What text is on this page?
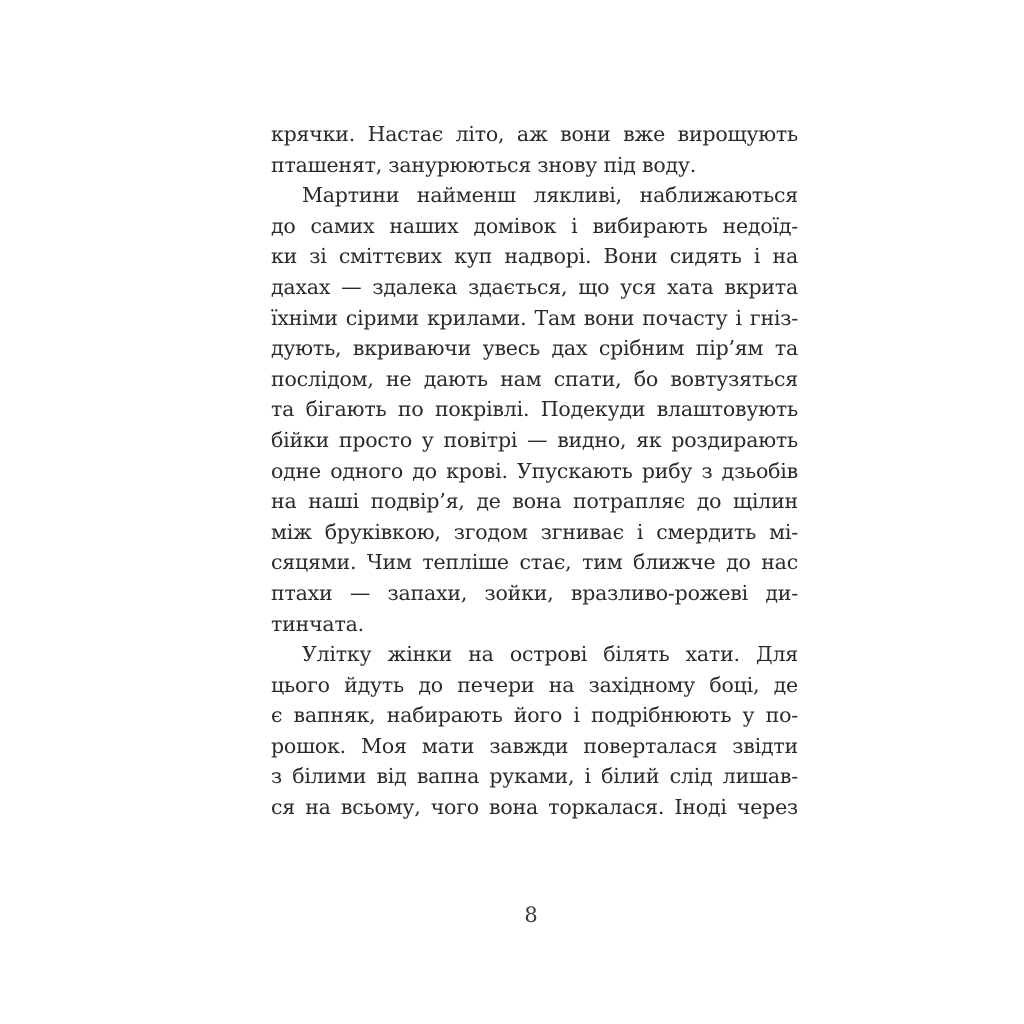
крячки. Настає літо, аж вони вже вирощують
пташенят, занурюються знову під воду.
Мартини найменш лякливі, наближаються
до самих наших домівок і вибирають недоїд-
ки зі сміттєвих куп надворі. Вони сидять і на
дахах — здалека здається, що уся хата вкрита
їхніми сірими крилами. Там вони почасту і гніз-
дують, вкриваючи увесь дах срібним пір’ям та
послідом, не дають нам спати, бо вовтузяться
та бігають по покрівлі. Подекуди влаштовують
бійки просто у повітрі — видно, як роздирають
одне одного до крові. Упускають рибу з дзьобів
на наші подвір’я, де вона потрапляє до щілин
між бруківкою, згодом згниває і смердить мі-
сяцями. Чим тепліше стає, тим ближче до нас
птахи — запахи, зойки, вразливо-рожеві ди-
тинчата.
Улітку жінки на острові білять хати. Для
цього йдуть до печери на західному боці, де
є вапняк, набирають його і подрібнюють у по-
рошок. Моя мати завжди поверталася звідти
з білими від вапна руками, і білий слід лишав-
ся на всьому, чого вона торкалася. Іноді через
8
